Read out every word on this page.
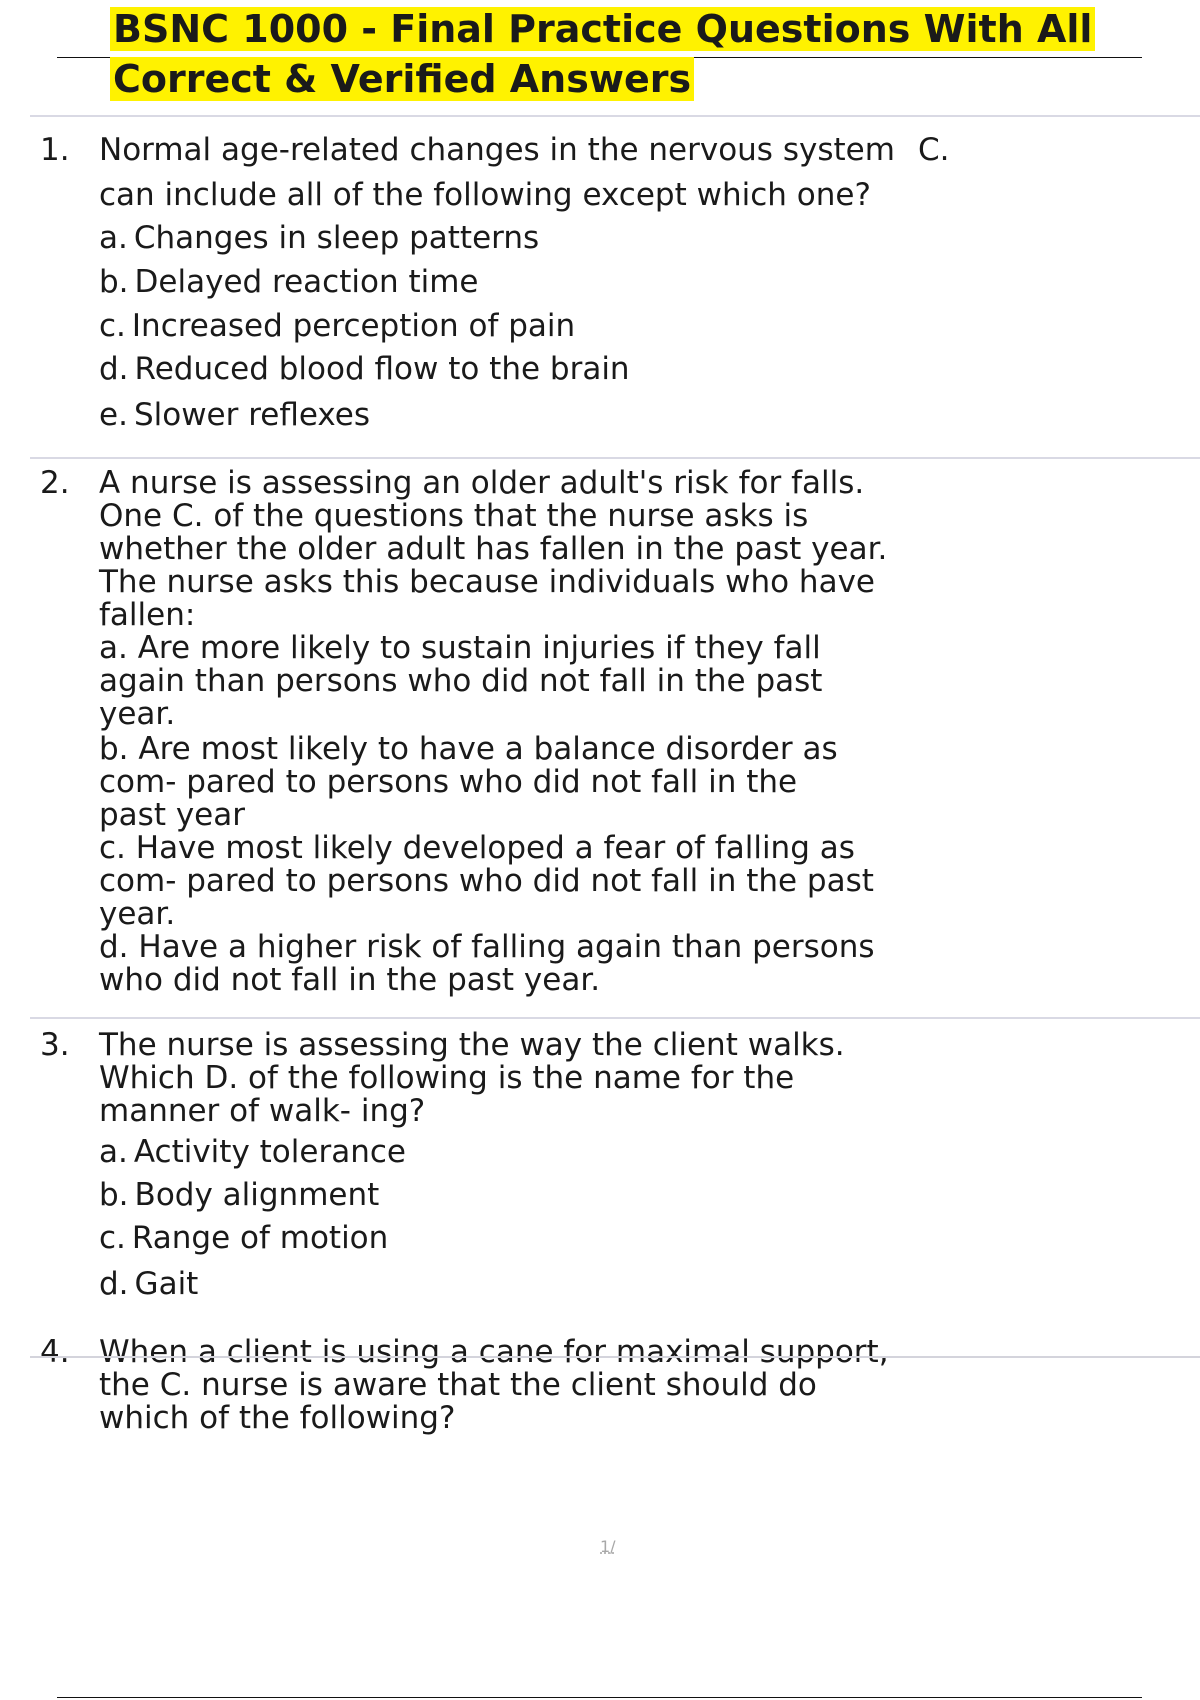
BSNC 1000 - Final Practice Questions With All
Correct & Verified Answers
1. Normal age-related changes in the nervous system C.
can include all of the following except which one?
a. Changes in sleep patterns
b. Delayed reaction time
c. Increased perception of pain
d. Reduced blood flow to the brain
e. Slower reflexes
2. A nurse is assessing an older adult's risk for falls.
One C. of the questions that the nurse asks is
whether the older adult has fallen in the past year.
The nurse asks this because individuals who have
fallen:
a. Are more likely to sustain injuries if they fall
again than persons who did not fall in the past
year.
b. Are most likely to have a balance disorder as
com- pared to persons who did not fall in the
past year
c. Have most likely developed a fear of falling as
com- pared to persons who did not fall in the past
year.
d. Have a higher risk of falling again than persons
who did not fall in the past year.
3. The nurse is assessing the way the client walks.
Which D. of the following is the name for the
manner of walk- ing?
a. Activity tolerance
b. Body alignment
c. Range of motion
d. Gait
4. When a client is using a cane for maximal support,
the C. nurse is aware that the client should do
which of the following?
1/
